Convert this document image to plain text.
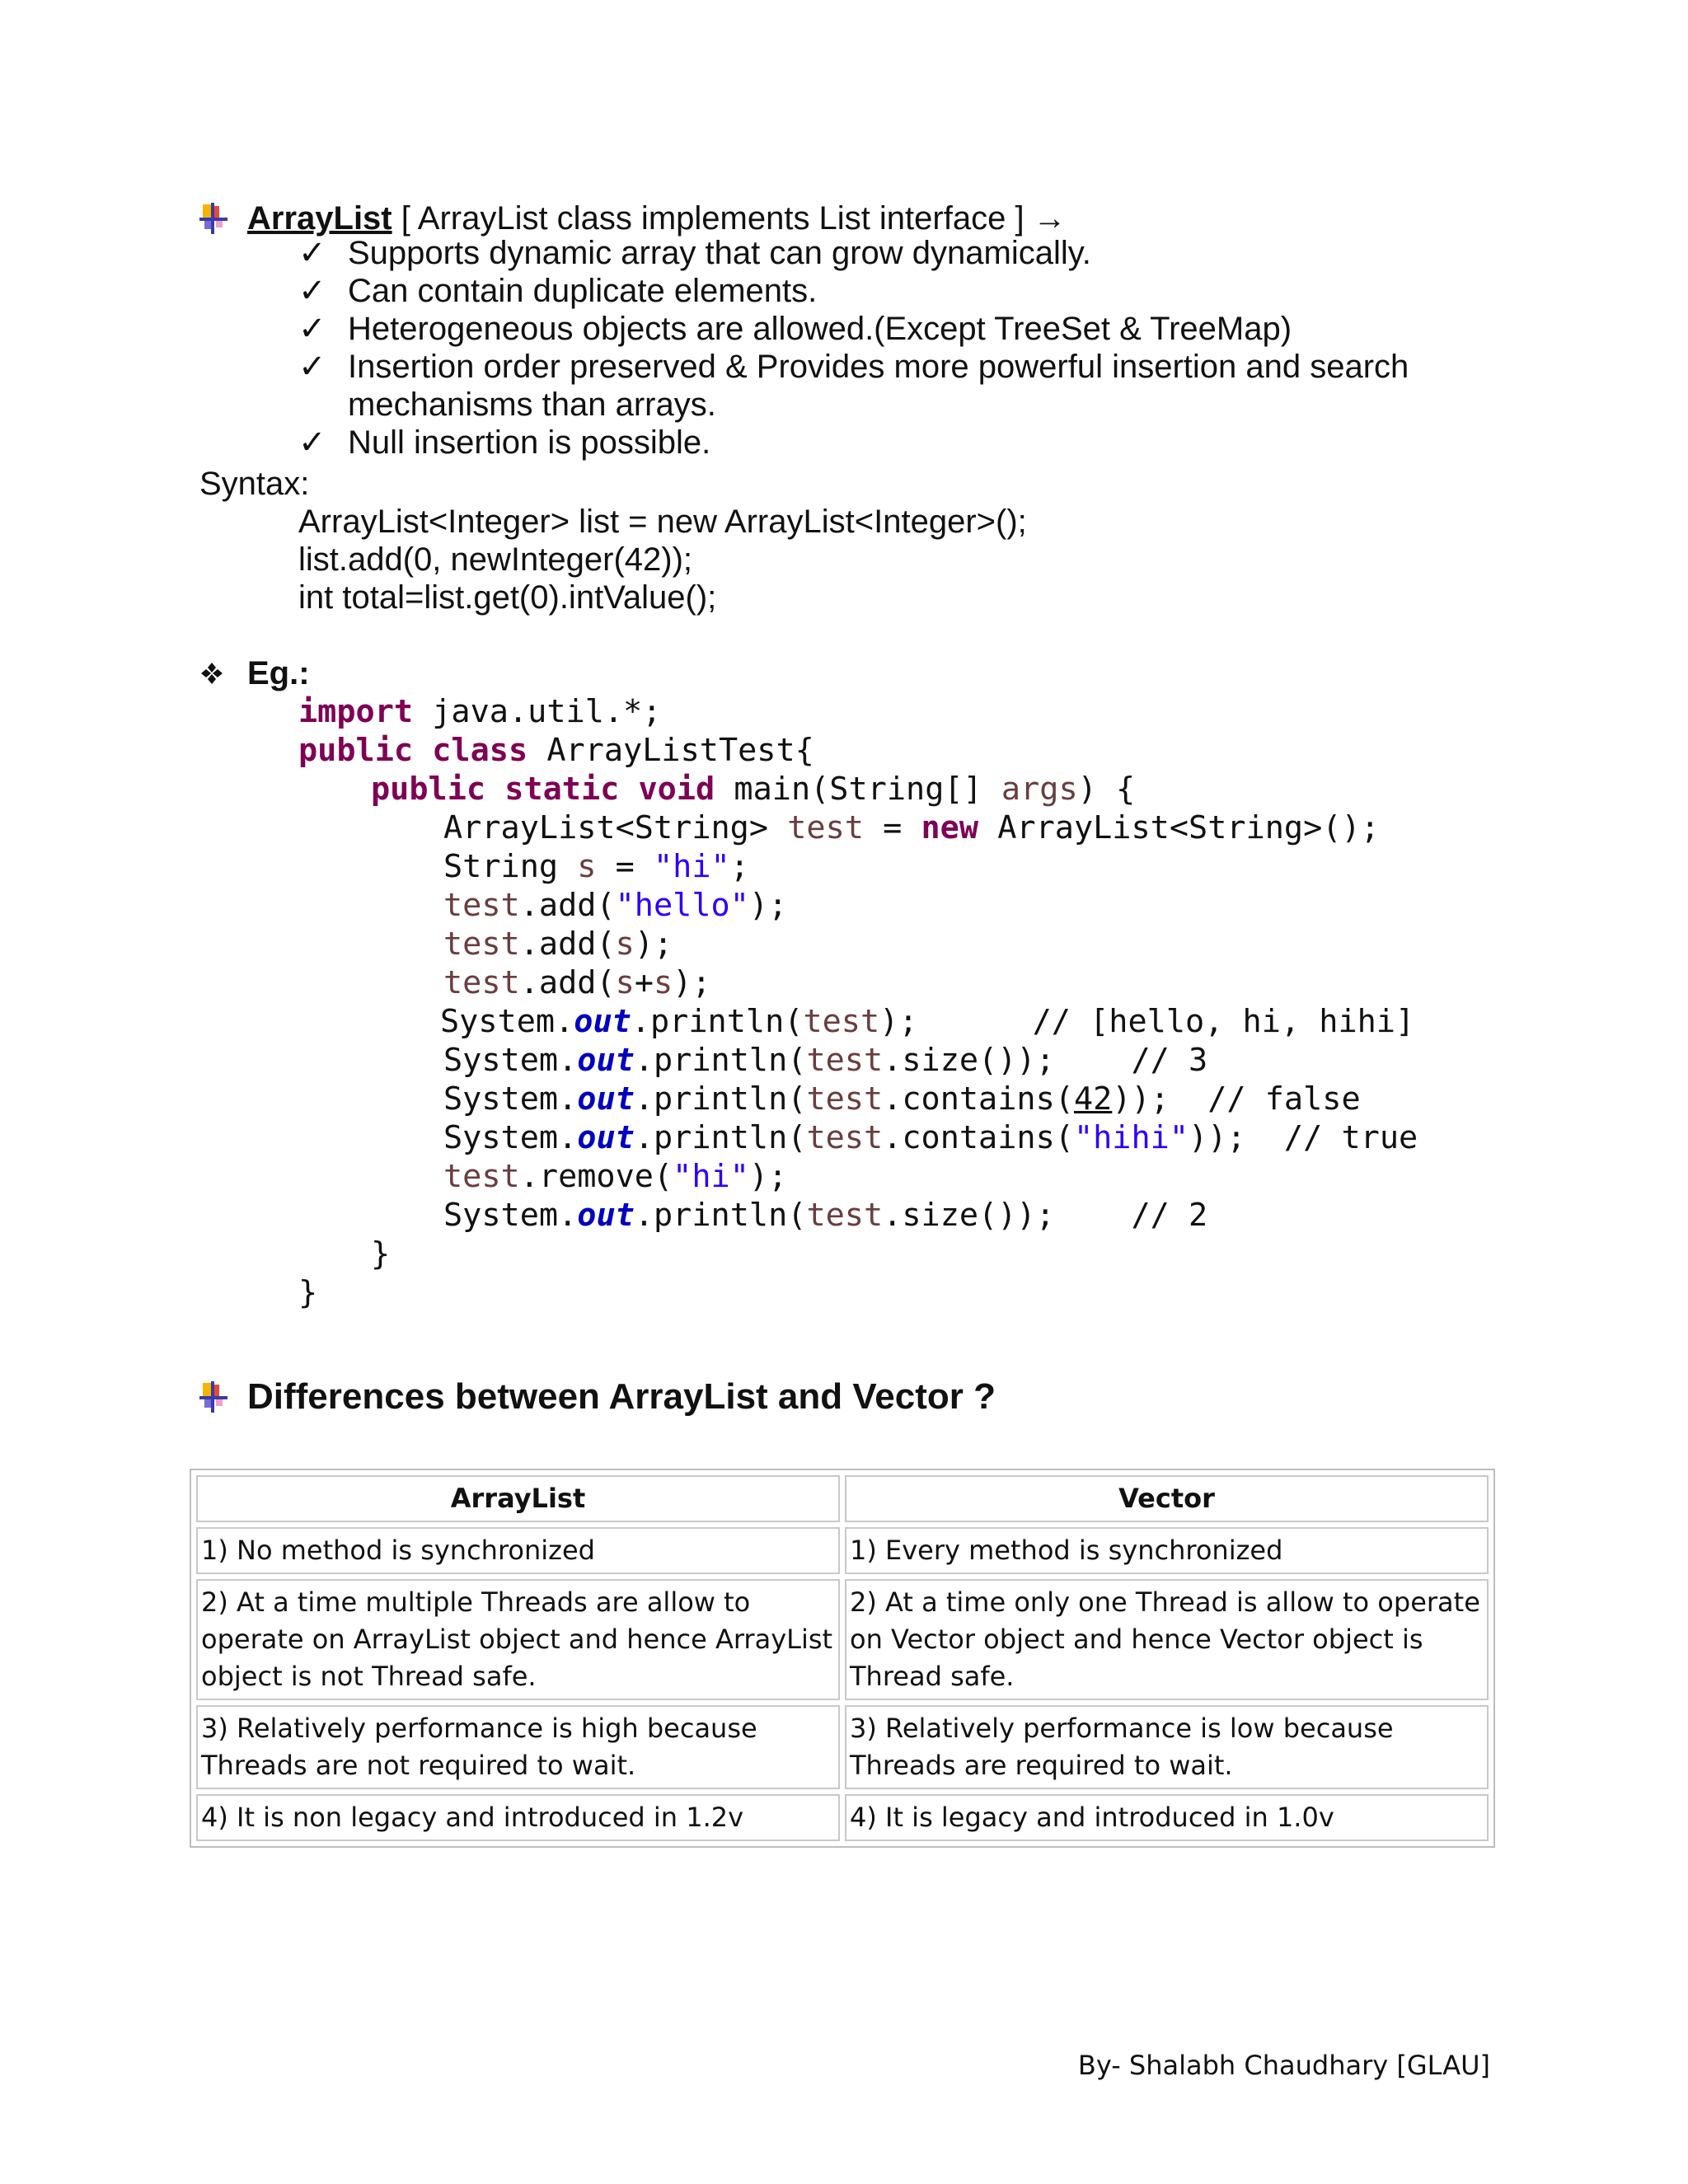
ArrayList [ ArrayList class implements List interface ] →
✓ Supports dynamic array that can grow dynamically.
✓ Can contain duplicate elements.
✓ Heterogeneous objects are allowed.(Except TreeSet & TreeMap)
✓ Insertion order preserved & Provides more powerful insertion and search mechanisms than arrays.
✓ Null insertion is possible.
Syntax:
ArrayList<Integer> list = new ArrayList<Integer>();
list.add(0, newInteger(42));
int total=list.get(0).intValue();
Eg.:
import java.util.*;
public class ArrayListTest{
public static void main(String[] args) {
ArrayList<String> test = new ArrayList<String>();
String s = "hi";
test.add("hello");
test.add(s);
test.add(s+s);
System.out.println(test);      // [hello, hi, hihi]
System.out.println(test.size());    // 3
System.out.println(test.contains(42));  // false
System.out.println(test.contains("hihi"));  // true
test.remove("hi");
System.out.println(test.size());    // 2
}
}
Differences between ArrayList and Vector ?
ArrayList	Vector
1) No method is synchronized	1) Every method is synchronized
2) At a time multiple Threads are allow to operate on ArrayList object and hence ArrayList object is not Thread safe.	2) At a time only one Thread is allow to operate on Vector object and hence Vector object is Thread safe.
3) Relatively performance is high because Threads are not required to wait.	3) Relatively performance is low because Threads are required to wait.
4) It is non legacy and introduced in 1.2v	4) It is legacy and introduced in 1.0v
By- Shalabh Chaudhary [GLAU]
